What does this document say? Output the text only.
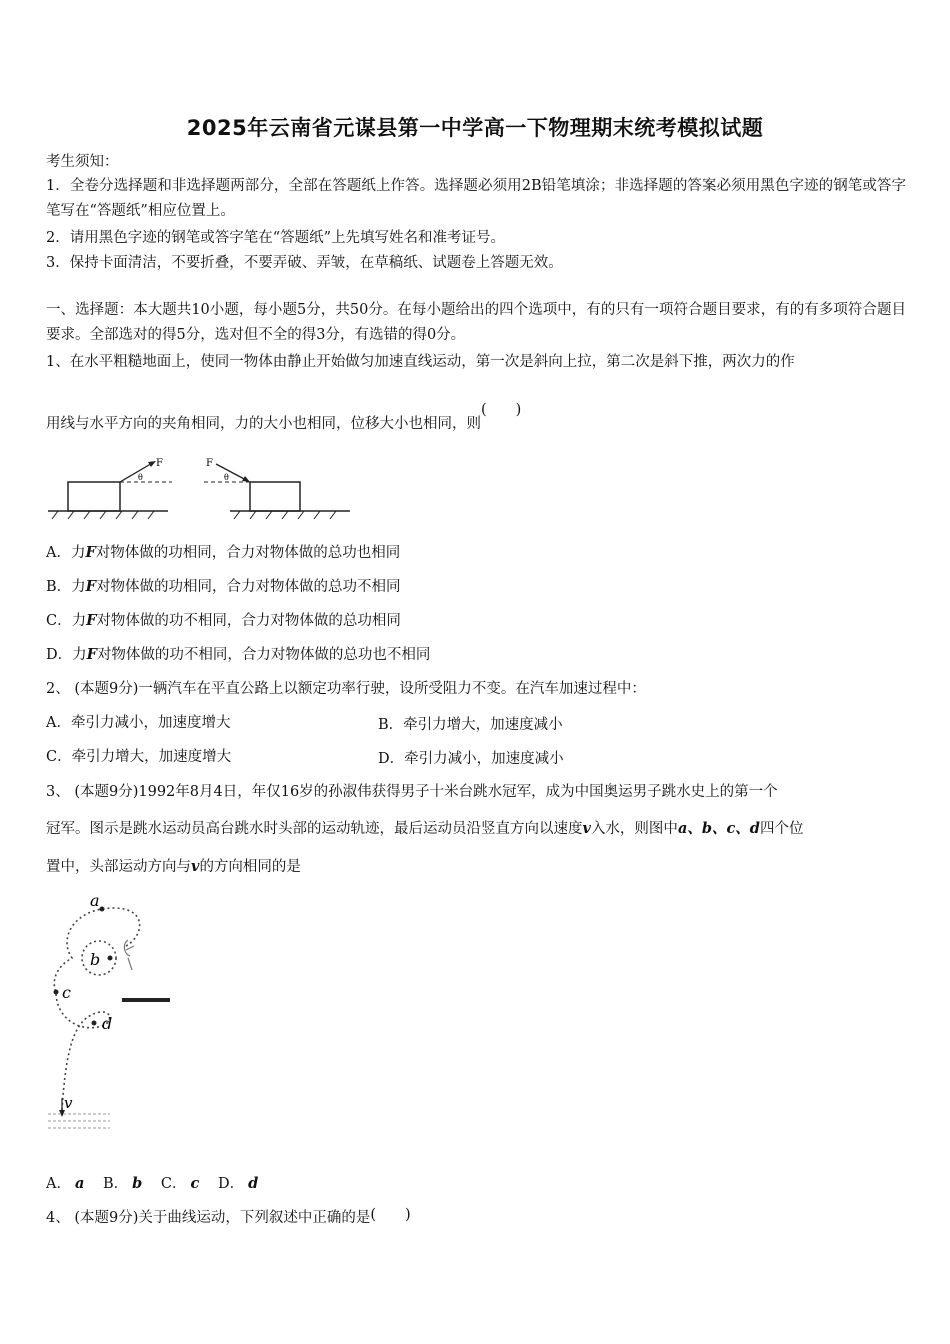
2025年云南省元谋县第一中学高一下物理期末统考模拟试题
考生须知：
1．全卷分选择题和非选择题两部分，全部在答题纸上作答。选择题必须用2B铅笔填涂；非选择题的答案必须用黑色字迹的钢笔或答字笔写在“答题纸”相应位置上。
2．请用黑色字迹的钢笔或答字笔在“答题纸”上先填写姓名和准考证号。
3．保持卡面清洁，不要折叠，不要弄破、弄皱，在草稿纸、试题卷上答题无效。
一、选择题：本大题共10小题，每小题5分，共50分。在每小题给出的四个选项中，有的只有一项符合题目要求，有的有多项符合题目要求。全部选对的得5分，选对但不全的得3分，有选错的得0分。
1、在水平粗糙地面上，使同一物体由静止开始做匀加速直线运动，第一次是斜向上拉，第二次是斜下推，两次力的作
用线与水平方向的夹角相同，力的大小也相同，位移大小也相同，则(　　)
F
θ
F
θ
A．力F对物体做的功相同，合力对物体做的总功也相同
B．力F对物体做的功相同，合力对物体做的总功不相同
C．力F对物体做的功不相同，合力对物体做的总功相同
D．力F对物体做的功不相同，合力对物体做的总功也不相同
2、 (本题9分)一辆汽车在平直公路上以额定功率行驶，设所受阻力不变。在汽车加速过程中：
A．牵引力减小，加速度增大	B．牵引力增大，加速度减小
C．牵引力增大，加速度增大	D．牵引力减小，加速度减小
3、 (本题9分)1992年8月4日，年仅16岁的孙淑伟获得男子十米台跳水冠军，成为中国奥运男子跳水史上的第一个
冠军。图示是跳水运动员高台跳水时头部的运动轨迹，最后运动员沿竖直方向以速度v入水，则图中a、b、c、d四个位
置中，头部运动方向与v的方向相同的是
a
b
c
d
v
A． a B． b C． c D． d
4、 (本题9分)关于曲线运动，下列叙述中正确的是(　　)
